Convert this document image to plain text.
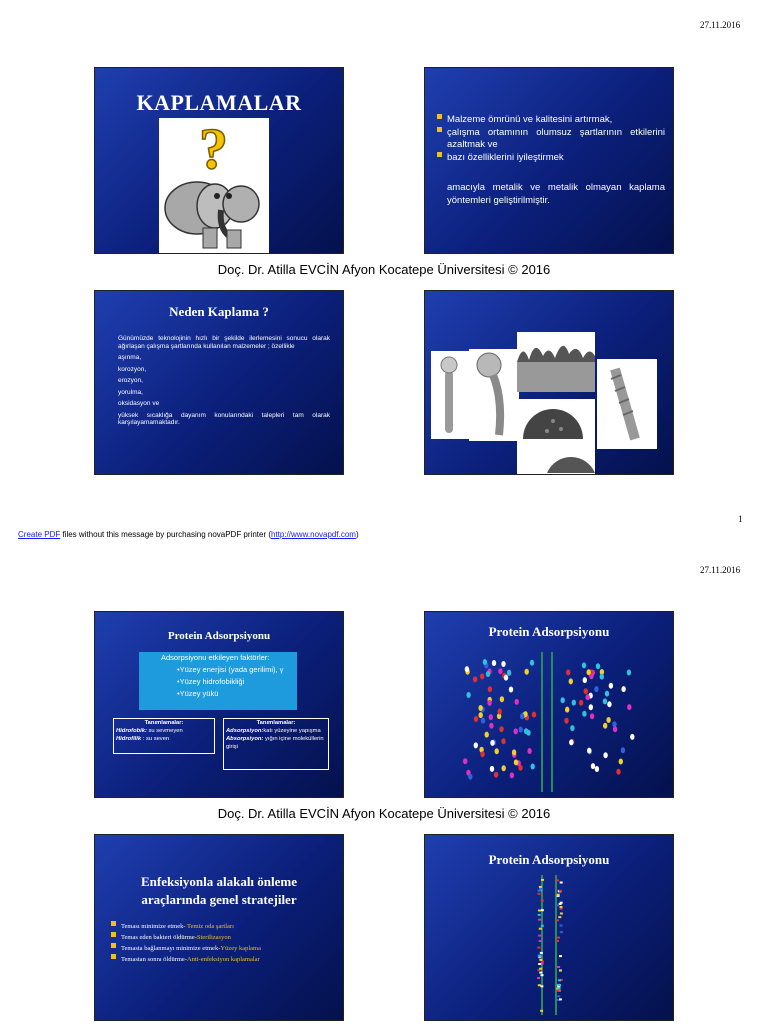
27.11.2016
KAPLAMALAR
?	Malzeme ömrünü ve kalitesini artırmak,
çalışma ortamının olumsuz şartlarının etkilerini azaltmak ve
bazı özelliklerini iyileştirmek
amacıyla metalik ve metalik olmayan kaplama yöntemleri geliştirilmiştir.
Doç. Dr. Atilla EVCİN Afyon Kocatepe Üniversitesi © 2016
Neden Kaplama ?
Günümüzde teknolojinin hızlı bir şekilde ilerlemesini sonucu olarak ağırlaşan çalışma şartlarında kullanılan malzemeler ; özellikle
aşınma,
korozyon,
erozyon,
yorulma,
oksidasyon ve
yüksek sıcaklığa dayanım konularındaki talepleri tam olarak karşılayamamaktadır.
1
Create PDF files without this message by purchasing novaPDF printer (http://www.novapdf.com)
27.11.2016
Protein Adsorpsiyonu
Adsorpsiyonu etkileyen faktörler:
•Yüzey enerjisi (yada gerilimi), γ
•Yüzey hidrofobikliği
•Yüzey yükü
Tanımlamalar:
Hidrofobik: su sevmeyen
Hidrofilik : su seven
Tanımlamalar:
Adsorpsiyon:katı yüzeyine yapışma
Absorpsiyon: yığın içine moleküllerin girişi
Protein Adsorpsiyonu
Doç. Dr. Atilla EVCİN Afyon Kocatepe Üniversitesi © 2016
Enfeksiyonla alakalı önleme araçlarında genel stratejiler
Teması minimize etmek- Temiz oda şartları
Temas eden bakteri öldürme-Sterilizasyon
Temasta bağlanmayı minimize etmek-Yüzey kaplama
Temastan sonra öldürme-Anti-enfeksiyon kaplamalar
Protein Adsorpsiyonu
